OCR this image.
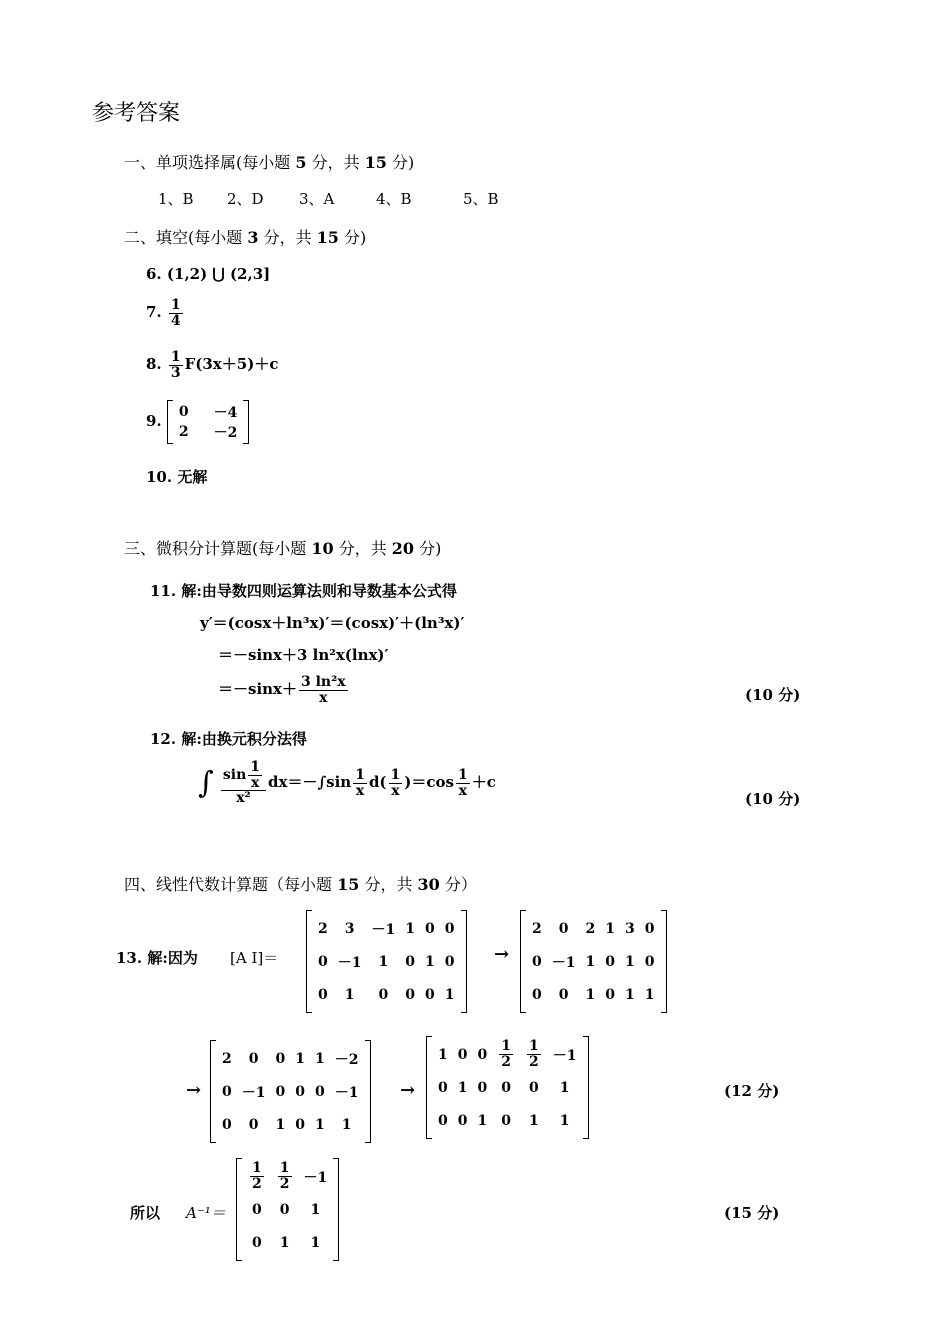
参考答案
一、单项选择属(每小题 5 分，共 15 分)
1、B 2、D 3、A	4、B	5、B
二、填空(每小题 3 分，共 15 分)
6. (1,2) ⋃ (2,3]
7. $\frac{1}{4}$
8. $\frac{1}{3} F(3x+5)+c$
9. 0	－4
2	－2
10. 无解
三、微积分计算题(每小题 10 分，共 20 分)
11. 解:由导数四则运算法则和导数基本公式得
y′＝(cosx＋ln³x)′＝(cosx)′＋(ln³x)′
＝－sinx＋3 ln²x(lnx)′
$=-\sin x+ \frac{\text{3 ln²x}}{x}$	(10 分)
12. 解:由换元积分法得
∫ $\frac{\sin \frac{1}{x}}{\text{x²}} dx=-\int\sin \frac{1}{x} d( \frac{1}{x} )=\cos \frac{1}{x} +c$
(10 分)
四、线性代数计算题（每小题 15 分，共 30 分）
13. 解:因为 [A I]＝
2	3	－1	1	0	0
0	－1	1	0	1	0
0	1	0	0	0	1
→
2	0	2	1	3	0
0	－1	1	0	1	0
0	0	1	0	1	1
→
2	0	0	1	1	－2
0	－1	0	0	0	－1
0	0	1	0	1	1
→
1	0	0	$\frac{1}{2}$	$\frac{1}{2}$	－1
0	1	0	0	0	1
0	0	1	0	1	1
(12 分)
所以 A⁻¹＝
$\frac{1}{2}$	$\frac{1}{2}$	－1
0	0	1
0	1	1
(15 分)
